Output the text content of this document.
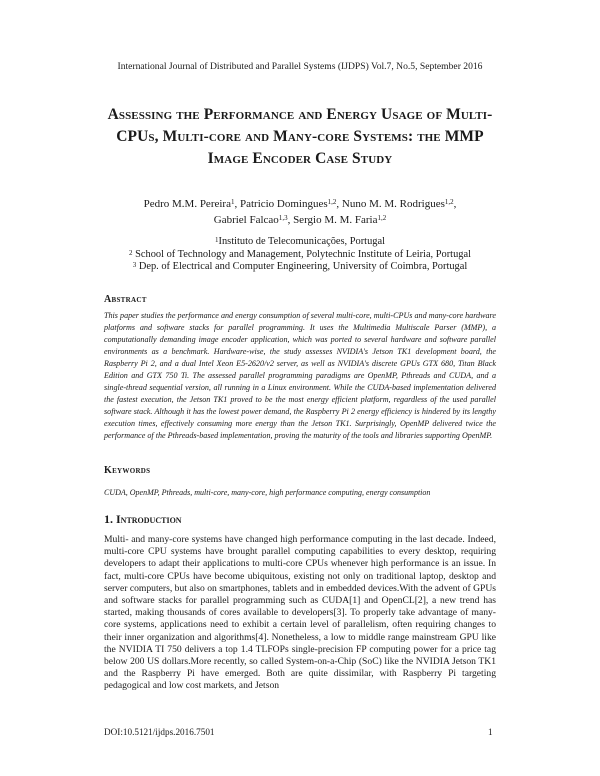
International Journal of Distributed and Parallel Systems (IJDPS) Vol.7, No.5, September 2016
Assessing the Performance and Energy Usage of Multi-CPUs, Multi-core and Many-core Systems: the MMP Image Encoder Case Study
Pedro M.M. Pereira$^1$, Patricio Domingues$^{1,2}$, Nuno M. M. Rodrigues$^{1,2}$,
Gabriel Falcao$^{1,3}$, Sergio M. M. Faria$^{1,2}$
$^1$Instituto de Telecomunicações, Portugal
$^2$ School of Technology and Management, Polytechnic Institute of Leiria, Portugal
$^3$ Dep. of Electrical and Computer Engineering, University of Coimbra, Portugal
Abstract
This paper studies the performance and energy consumption of several multi-core, multi-CPUs and many-core hardware platforms and software stacks for parallel programming. It uses the Multimedia Multiscale Parser (MMP), a computationally demanding image encoder application, which was ported to several hardware and software parallel environments as a benchmark. Hardware-wise, the study assesses NVIDIA's Jetson TK1 development board, the Raspberry Pi 2, and a dual Intel Xeon E5-2620/v2 server, as well as NVIDIA's discrete GPUs GTX 680, Titan Black Edition and GTX 750 Ti. The assessed parallel programming paradigms are OpenMP, Pthreads and CUDA, and a single-thread sequential version, all running in a Linux environment. While the CUDA-based implementation delivered the fastest execution, the Jetson TK1 proved to be the most energy efficient platform, regardless of the used parallel software stack. Although it has the lowest power demand, the Raspberry Pi 2 energy efficiency is hindered by its lengthy execution times, effectively consuming more energy than the Jetson TK1. Surprisingly, OpenMP delivered twice the performance of the Pthreads-based implementation, proving the maturity of the tools and libraries supporting OpenMP.
Keywords
CUDA, OpenMP, Pthreads, multi-core, many-core, high performance computing, energy consumption
1. Introduction
Multi- and many-core systems have changed high performance computing in the last decade. Indeed, multi-core CPU systems have brought parallel computing capabilities to every desktop, requiring developers to adapt their applications to multi-core CPUs whenever high performance is an issue. In fact, multi-core CPUs have become ubiquitous, existing not only on traditional laptop, desktop and server computers, but also on smartphones, tablets and in embedded devices.With the advent of GPUs and software stacks for parallel programming such as CUDA[1] and OpenCL[2], a new trend has started, making thousands of cores available to developers[3]. To properly take advantage of many-core systems, applications need to exhibit a certain level of parallelism, often requiring changes to their inner organization and algorithms[4]. Nonetheless, a low to middle range mainstream GPU like the NVIDIA TI 750 delivers a top 1.4 TLFOPs single-precision FP computing power for a price tag below 200 US dollars.More recently, so called System-on-a-Chip (SoC) like the NVIDIA Jetson TK1 and the Raspberry Pi have emerged. Both are quite dissimilar, with Raspberry Pi targeting pedagogical and low cost markets, and Jetson
DOI:10.5121/ijdps.2016.7501	1
